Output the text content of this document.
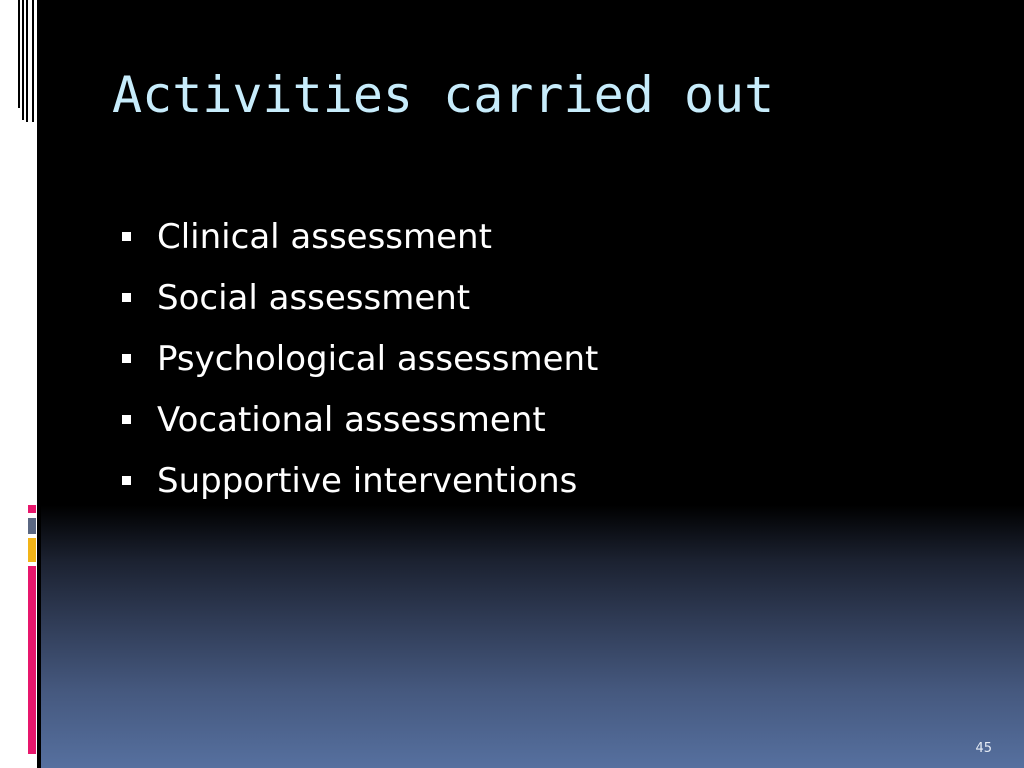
Activities carried out
Clinical assessment
Social assessment
Psychological assessment
Vocational assessment
Supportive interventions
45
